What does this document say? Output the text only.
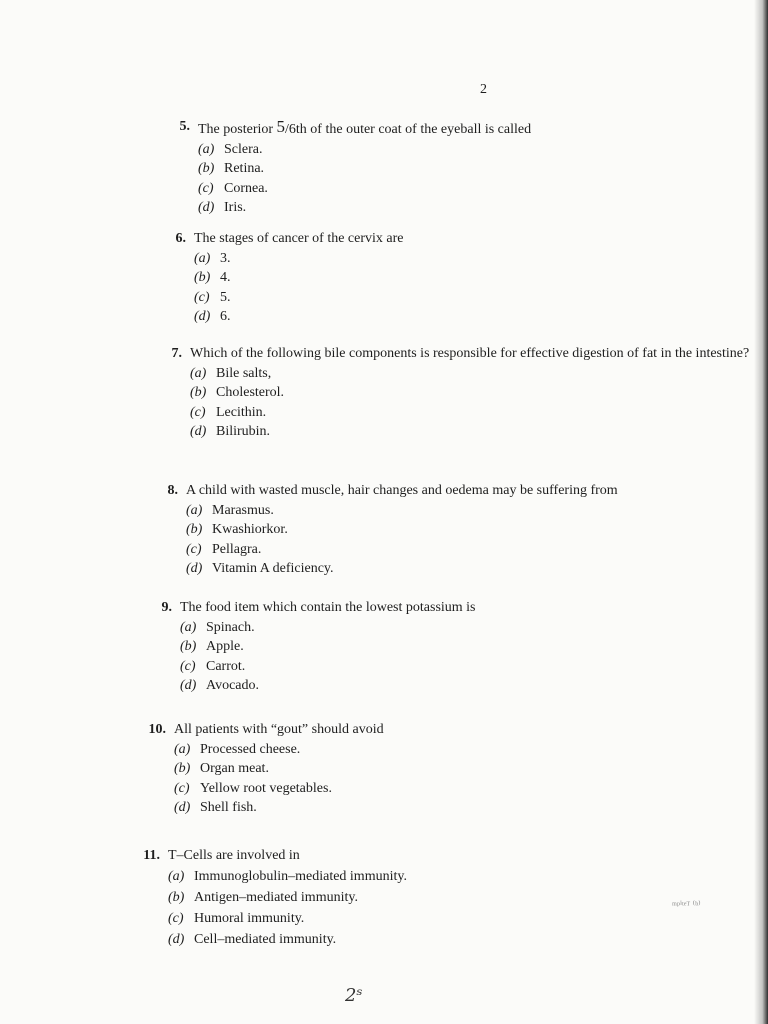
2
5. The posterior 5/6th of the outer coat of the eyeball is called
(a) Sclera.
(b) Retina.
(c) Cornea.
(d) Iris.
6. The stages of cancer of the cervix are
(a) 3.
(b) 4.
(c) 5.
(d) 6.
7. Which of the following bile components is responsible for effective digestion of fat in the intestine?
(a) Bile salts,
(b) Cholesterol.
(c) Lecithin.
(d) Bilirubin.
8. A child with wasted muscle, hair changes and oedema may be suffering from
(a) Marasmus.
(b) Kwashiorkor.
(c) Pellagra.
(d) Vitamin A deficiency.
9. The food item which contain the lowest potassium is
(a) Spinach.
(b) Apple.
(c) Carrot.
(d) Avocado.
10. All patients with “gout” should avoid
(a) Processed cheese.
(b) Organ meat.
(c) Yellow root vegetables.
(d) Shell fish.
11. T–Cells are involved in
(a) Immunoglobulin–mediated immunity.
(b) Antigen–mediated immunity.
(c) Humoral immunity.
(d) Cell–mediated immunity.
ᵐᵖⁱᵗᵉᵀ ⁽ᵇ⁾
2ˢ
